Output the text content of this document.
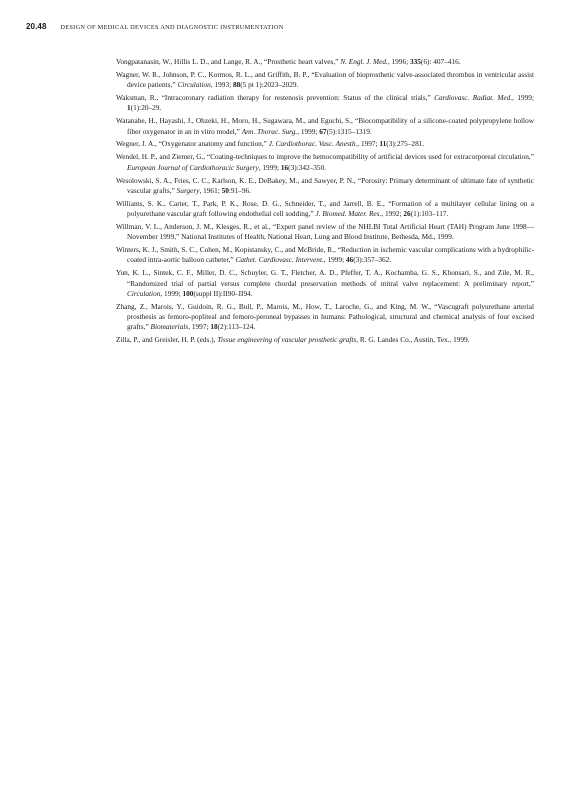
20.48 DESIGN OF MEDICAL DEVICES AND DIAGNOSTIC INSTRUMENTATION
Vongpatanasin, W., Hillis L. D., and Lange, R. A., “Prosthetic heart valves,” N. Engl. J. Med., 1996; 335(6): 407–416.
Wagner, W. R., Johnson, P. C., Kormos, R. L., and Griffith, B. P., “Evaluation of bioprosthetic valve-associated thrombus in ventricular assist device patients,” Circulation, 1993; 88(5 pt 1):2023–2029.
Waksman, R., “Intracoronary radiation therapy for restenosis prevention: Status of the clinical trials,” Cardiovasc. Radiat. Med., 1999; 1(1):20–29.
Watanabe, H., Hayashi, J., Ohzeki, H., Moro, H., Sugawara, M., and Eguchi, S., “Biocompatibility of a silicone-coated polypropylene hollow fiber oxygenator in an in vitro model,” Ann. Thorac. Surg., 1999; 67(5):1315–1319.
Wegner, J. A., “Oxygenator anatomy and function,” J. Cardiothorac. Vasc. Anesth., 1997; 11(3):275–281.
Wendel, H. P., and Ziemer, G., “Coating-techniques to improve the hemocompatibility of artificial devices used for extracorporeal circulation,” European Journal of Cardiothoracic Surgery, 1999; 16(3):342–350.
Wesolowski, S. A., Fries, C. C., Karlson, K. E., DeBakey, M., and Sawyer, P. N., “Porosity: Primary determinant of ultimate fate of synthetic vascular grafts,” Surgery, 1961; 50:91–96.
Williams, S. K., Carter, T., Park, P. K., Rose, D. G., Schneider, T., and Jarrell, B. E., “Formation of a multilayer cellular lining on a polyurethane vascular graft following endothelial cell sodding,” J. Biomed. Mater. Res., 1992; 26(1):103–117.
Willman, V. L., Anderson, J. M., Klesges, R., et al., “Expert panel review of the NHLBI Total Artificial Heart (TAH) Program June 1998—November 1999,” National Institutes of Health, National Heart, Lung and Blood Institute, Bethesda, Md., 1999.
Winters, K. J., Smith, S. C., Cohen, M., Kopistansky, C., and McBride, R., “Reduction in ischemic vascular complications with a hydrophilic-coated intra-aortic balloon catheter,” Cathet. Cardiovasc. Intervent., 1999; 46(3):357–362.
Yun, K. L., Sintek, C. F., Miller, D. C., Schuyler, G. T., Fletcher, A. D., Pfeffer, T. A., Kochamba, G. S., Khonsari, S., and Zile, M. R., “Randomized trial of partial versus complete chordal preservation methods of mitral valve replacement: A preliminary report,” Circulation, 1999; 100(suppl II):II90–II94.
Zhang, Z., Marois, Y., Guidoin, R. G., Bull, P., Marois, M., How, T., Laroche, G., and King, M. W., “Vascugraft polyurethane arterial prosthesis as femoro-popliteal and femoro-peroneal bypasses in humans: Pathological, structural and chemical analysis of four excised grafts,” Biomaterials, 1997; 18(2):113–124.
Zilla, P., and Greisler, H. P. (eds.), Tissue engineering of vascular prosthetic grafts, R. G. Landes Co., Austin, Tex., 1999.
